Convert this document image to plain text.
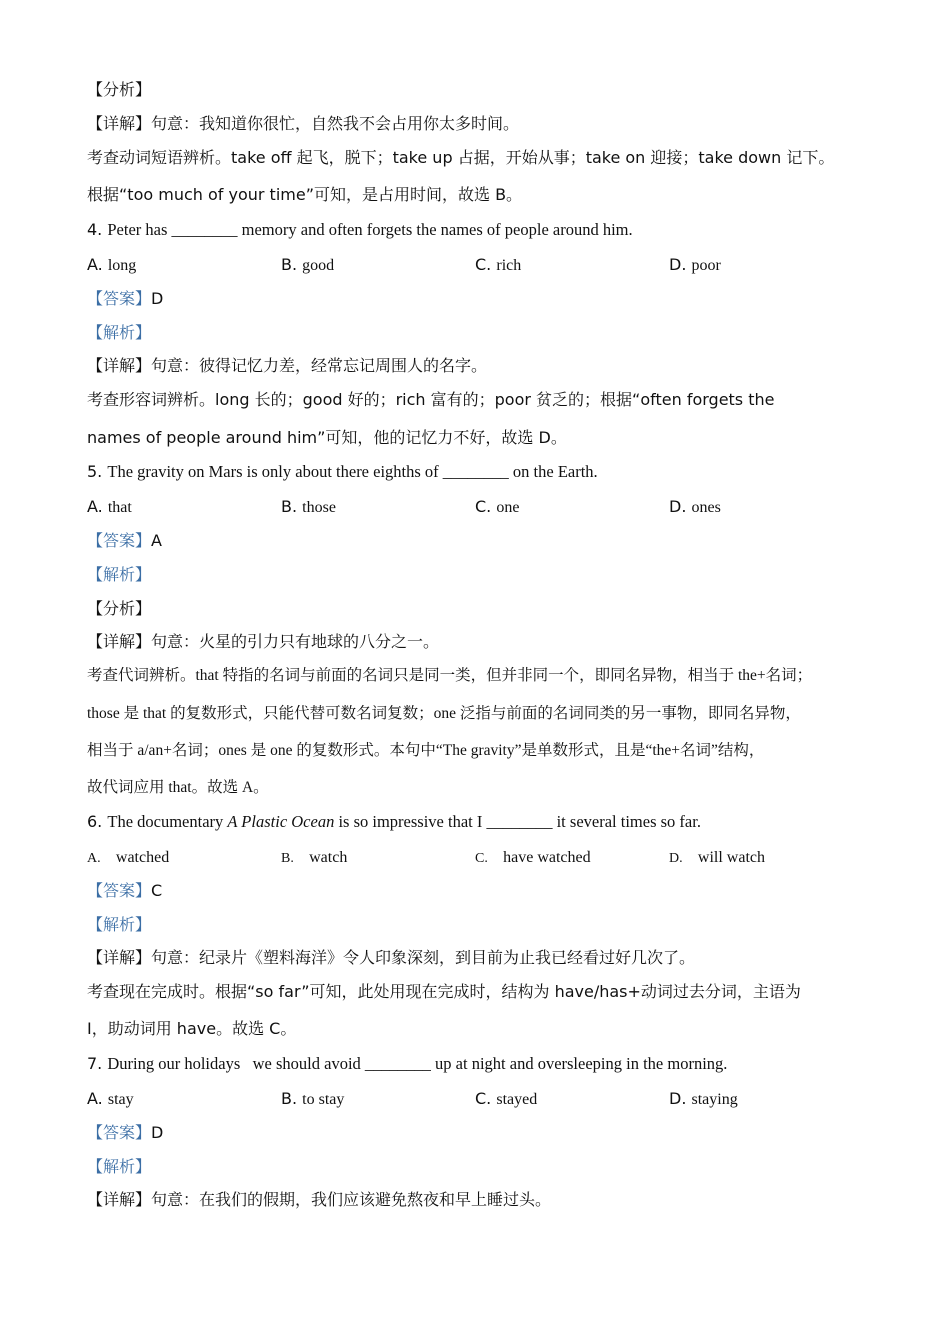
【分析】
【详解】句意：我知道你很忙，自然我不会占用你太多时间。
考查动词短语辨析。take off 起飞，脱下；take up 占据，开始从事；take on 迎接；take down 记下。
根据“too much of your time”可知，是占用时间，故选 B。
4. Peter has ________ memory and often forgets the names of people around him.
A. long	B. good	C. rich	D. poor
【答案】D
【解析】
【详解】句意：彼得记忆力差，经常忘记周围人的名字。
考查形容词辨析。long 长的；good 好的；rich 富有的；poor 贫乏的；根据“often forgets the
names of people around him”可知，他的记忆力不好，故选 D。
5. The gravity on Mars is only about there eighths of ________ on the Earth.
A. that	B. those	C. one	D. ones
【答案】A
【解析】
【分析】
【详解】句意：火星的引力只有地球的八分之一。
考查代词辨析。that 特指的名词与前面的名词只是同一类，但并非同一个，即同名异物，相当于 the+名词；
those 是 that 的复数形式，只能代替可数名词复数；one 泛指与前面的名词同类的另一事物，即同名异物，
相当于 a/an+名词；ones 是 one 的复数形式。本句中“The gravity”是单数形式，且是“the+名词”结构，
故代词应用 that。故选 A。
6. The documentary A Plastic Ocean is so impressive that I ________ it several times so far.
A. watched	B. watch	C. have watched	D. will watch
【答案】C
【解析】
【详解】句意：纪录片《塑料海洋》令人印象深刻，到目前为止我已经看过好几次了。
考查现在完成时。根据“so far”可知，此处用现在完成时，结构为 have/has+动词过去分词，主语为
I，助动词用 have。故选 C。
7. During our holidays   we should avoid ________ up at night and oversleeping in the morning.
A. stay	B. to stay	C. stayed	D. staying
【答案】D
【解析】
【详解】句意：在我们的假期，我们应该避免熬夜和早上睡过头。
